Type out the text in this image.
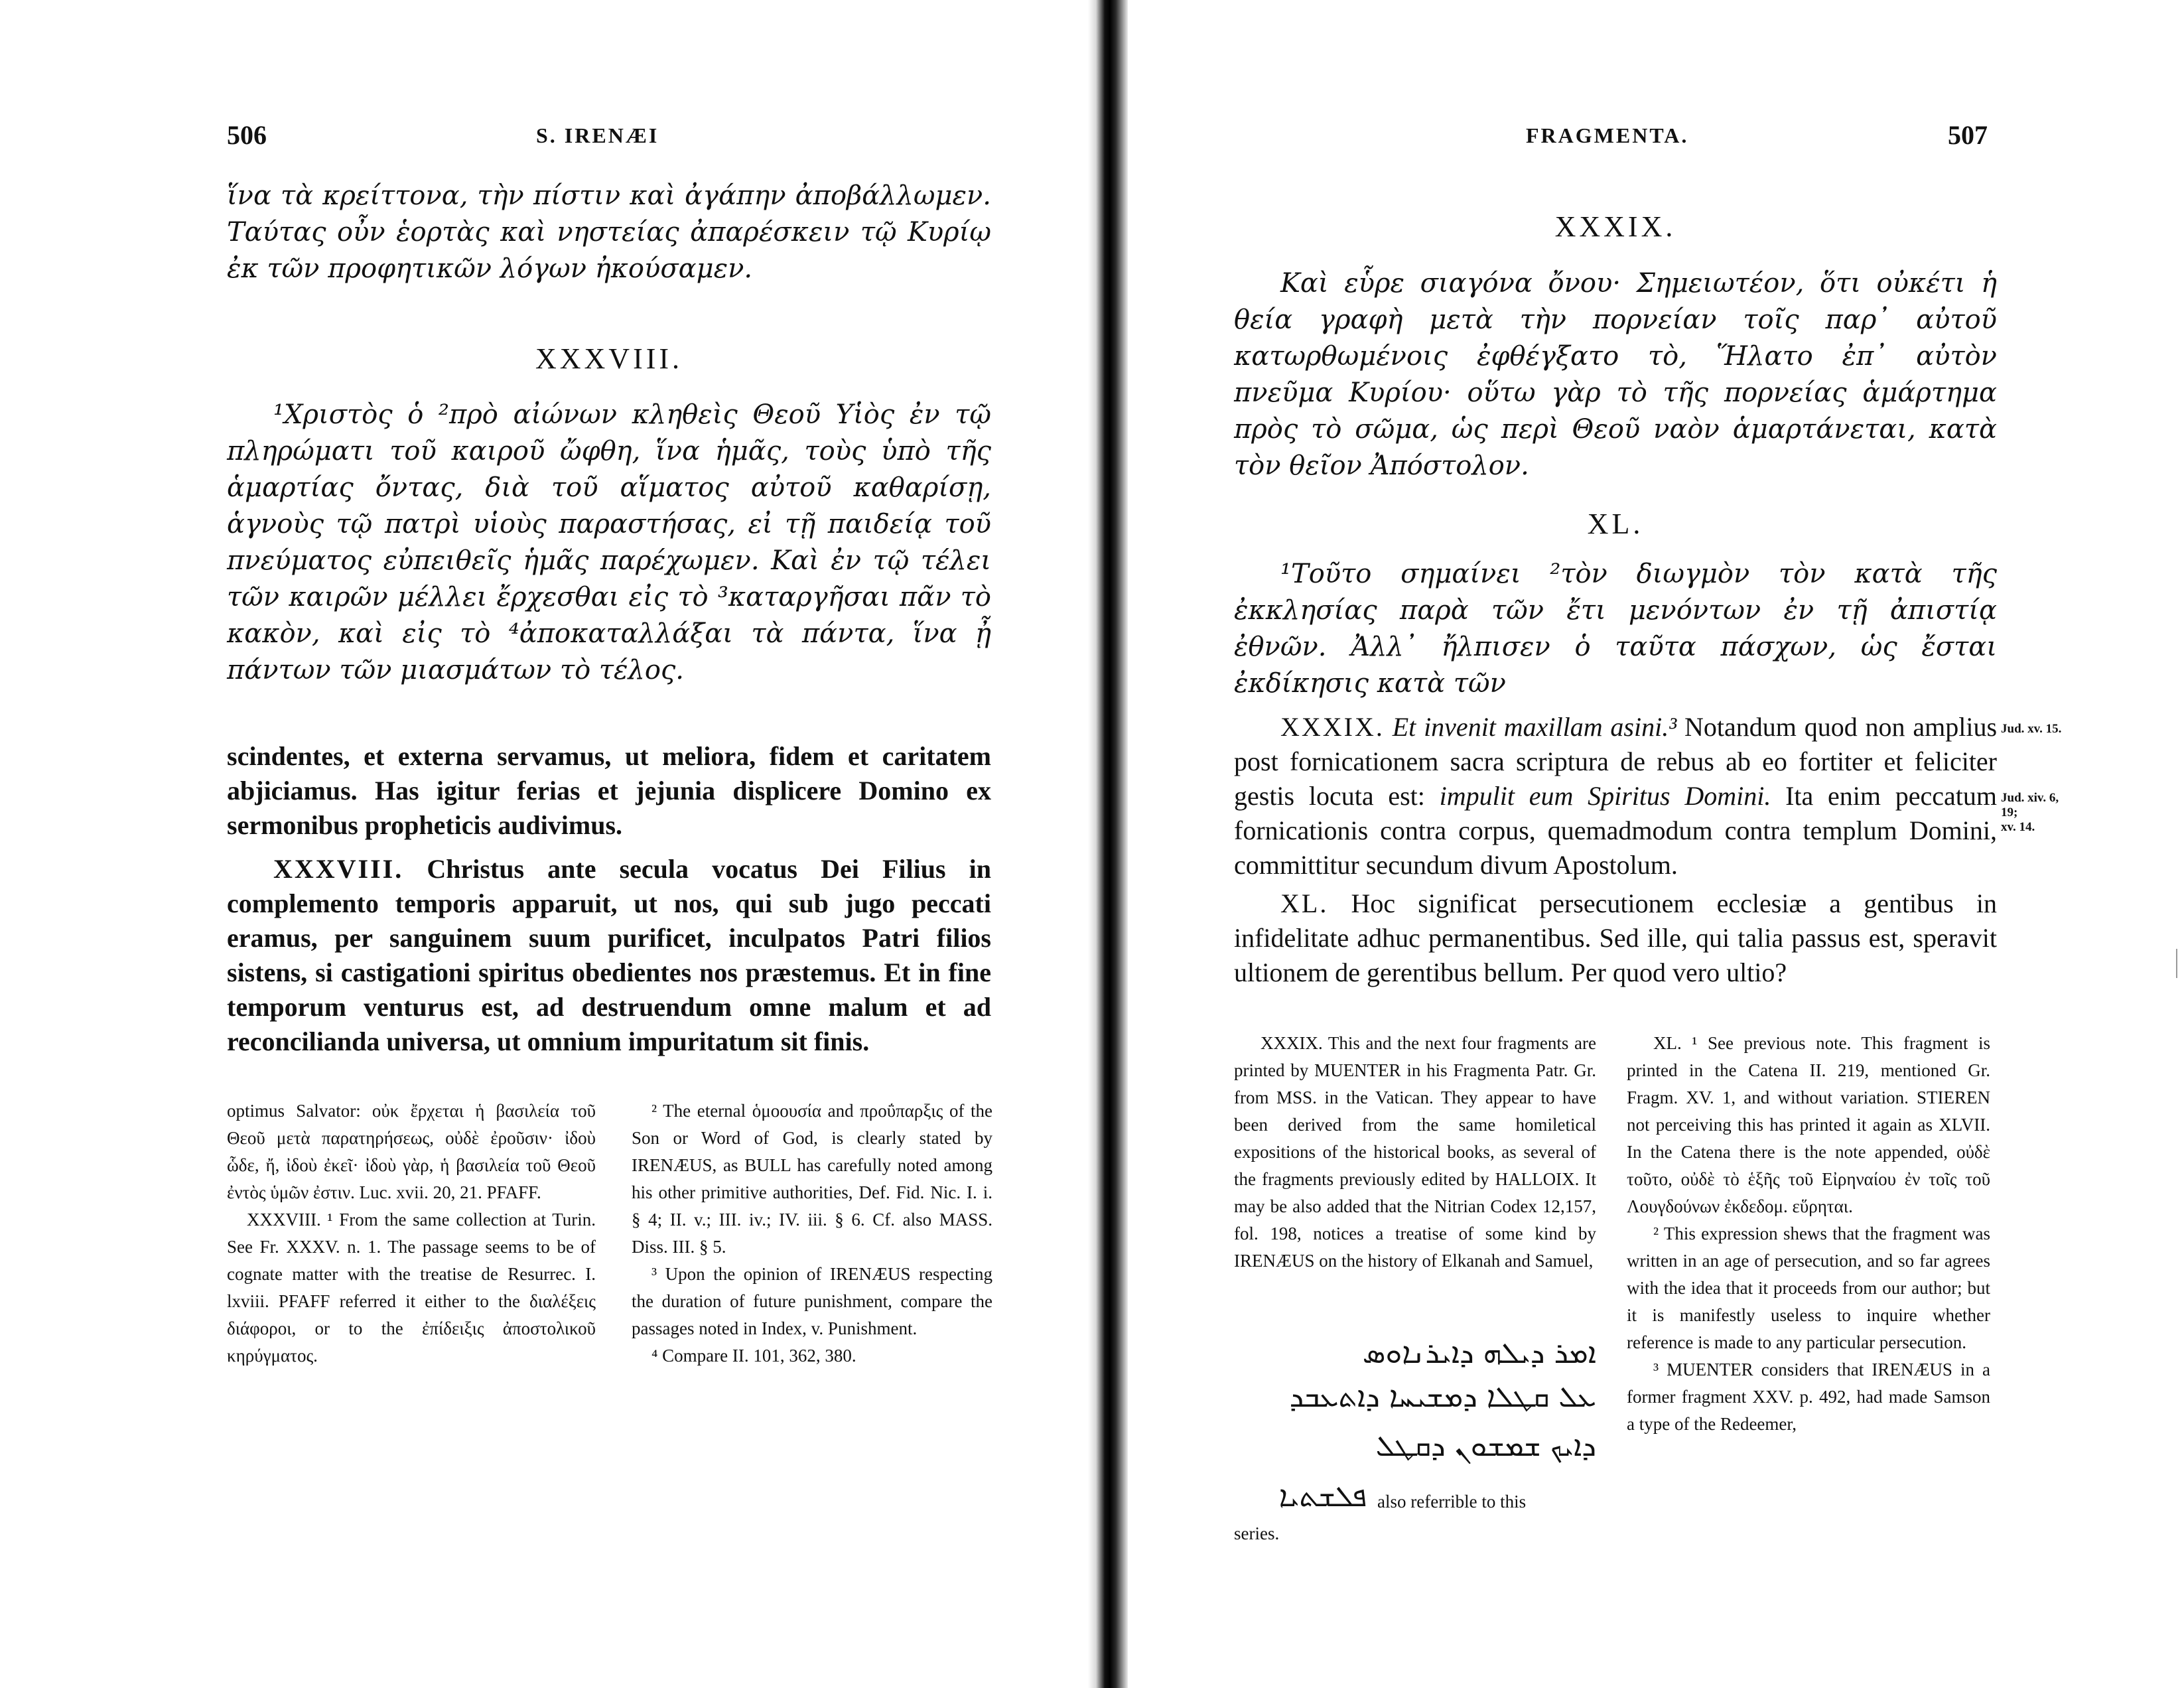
506	S. IRENÆI

ἵνα τὰ κρείττονα, τὴν πίστιν καὶ ἀγάπην ἀποβάλλωμεν. Ταύτας οὖν ἑορτὰς καὶ νηστείας ἀπαρέσκειν τῷ Κυρίῳ ἐκ τῶν προφητικῶν λόγων ἠκούσαμεν.

XXXVIII.

¹Χριστὸς ὁ ²πρὸ αἰώνων κληθεὶς Θεοῦ Υἱὸς ἐν τῷ πληρώματι τοῦ καιροῦ ὤφθη, ἵνα ἡμᾶς, τοὺς ὑπὸ τῆς ἁμαρτίας ὄντας, διὰ τοῦ αἵματος αὐτοῦ καθαρίσῃ, ἁγνοὺς τῷ πατρὶ υἱοὺς παραστήσας, εἰ τῇ παιδείᾳ τοῦ πνεύματος εὐπειθεῖς ἡμᾶς παρέχωμεν. Καὶ ἐν τῷ τέλει τῶν καιρῶν μέλλει ἔρχεσθαι εἰς τὸ ³καταργῆσαι πᾶν τὸ κακὸν, καὶ εἰς τὸ ⁴ἀποκαταλλάξαι τὰ πάντα, ἵνα ᾖ πάντων τῶν μιασμάτων τὸ τέλος.

scindentes, et externa servamus, ut meliora, fidem et caritatem abjiciamus. Has igitur ferias et jejunia displicere Domino ex sermonibus propheticis audivimus.

XXXVIII. Christus ante secula vocatus Dei Filius in complemento temporis apparuit, ut nos, qui sub jugo peccati eramus, per sanguinem suum purificet, inculpatos Patri filios sistens, si castigationi spiritus obedientes nos præstemus. Et in fine temporum venturus est, ad destruendum omne malum et ad reconciliandа universa, ut omnium impuritatum sit finis.

optimus Salvator: οὐκ ἔρχεται ἡ βασιλεία τοῦ Θεοῦ μετὰ παρατηρήσεως, οὐδὲ ἐροῦσιν· ἰδοὺ ὧδε, ἤ, ἰδοὺ ἐκεῖ· ἰδοὺ γὰρ, ἡ βασιλεία τοῦ Θεοῦ ἐντὸς ὑμῶν ἐστιν. Luc. xvii. 20, 21. PFAFF.

XXXVIII. ¹ From the same collection at Turin. See Fr. XXXV. n. 1. The passage seems to be of cognate matter with the treatise de Resurrec. I. lxviii. PFAFF referred it either to the διαλέξεις διάφοροι, or to the ἐπίδειξις ἀποστολικοῦ κηρύγματος.

² The eternal ὁμοουσία and προΰπαρξις of the Son or Word of God, is clearly stated by IRENÆUS, as BULL has carefully noted among his other primitive authorities, Def. Fid. Nic. I. i. § 4; II. v.; III. iv.; IV. iii. § 6. Cf. also MASS. Diss. III. § 5.

³ Upon the opinion of IRENÆUS respecting the duration of future punishment, compare the passages noted in Index, v. Punishment.

⁴ Compare II. 101, 362, 380.

FRAGMENTA.	507
XXXIX.

Καὶ εὗρε σιαγόνα ὄνου· Σημειωτέον, ὅτι οὐκέτι ἡ θεία γραφὴ μετὰ τὴν πορνείαν τοῖς παρ᾽ αὐτοῦ κατωρθωμένοις ἐφθέγξατο τὸ, Ἥλατο ἐπ᾽ αὐτὸν πνεῦμα Κυρίου· οὕτω γὰρ τὸ τῆς πορνείας ἁμάρτημα πρὸς τὸ σῶμα, ὡς περὶ Θεοῦ ναὸν ἁμαρτάνεται, κατὰ τὸν θεῖον Ἀπόστολον.

XL.

¹Τοῦτο σημαίνει ²τὸν διωγμὸν τὸν κατὰ τῆς ἐκκλησίας παρὰ τῶν ἔτι μενόντων ἐν τῇ ἀπιστίᾳ ἐθνῶν. Ἀλλ᾽ ἤλπισεν ὁ ταῦτα πάσχων, ὡς ἔσται ἐκδίκησις κατὰ τῶν

XXXIX. Et invenit maxillam asini.³ Notandum quod non amplius post fornicationem sacra scriptura de rebus ab eo fortiter et feliciter gestis locuta est: impulit eum Spiritus Domini. Ita enim peccatum fornicationis contra corpus, quemadmodum contra templum Domini, committitur secundum divum Apostolum.

XL. Hoc significat persecutionem ecclesiæ a gentibus in infidelitate adhuc permanentibus. Sed ille, qui talia passus est, speravit ultionem de gerentibus bellum. Per quod vero ultio?

Jud. xv. 15.
Jud. xiv. 6,
19;
xv. 14.

XXXIX. This and the next four fragments are printed by MUENTER in his Fragmenta Patr. Gr. from MSS. in the Vatican. They appear to have been derived from the same homiletical expositions of the historical books, as several of the fragments previously edited by HALLOIX. It may be also added that the Nitrian Codex 12,157, fol. 198, notices a treatise of some kind by IRENÆUS on the history of Elkanah and Samuel,

ܐܡܪ ܕܝܠܗ ܕܐܝܪܢܐܘܣ
ܥܠ ܩܛܠܐ ܕܡܫܝܚܐ ܕܐܬܥܒܕ
ܕܐܝܟ ܫܡܫܘܢ ܕܩܛܠ
ܦܠܫܬܝܐ also referrible to this
series.

XL. ¹ See previous note. This fragment is printed in the Catena II. 219, mentioned Gr. Fragm. XV. 1, and without variation. STIEREN not perceiving this has printed it again as XLVII. In the Catena there is the note appended, οὐδὲ τοῦτο, οὐδὲ τὸ ἑξῆς τοῦ Εἰρηναίου ἐν τοῖς τοῦ Λουγδούνων ἐκδεδομ. εὕρηται.

² This expression shews that the fragment was written in an age of persecution, and so far agrees with the idea that it proceeds from our author; but it is manifestly useless to inquire whether reference is made to any particular persecution.

³ MUENTER considers that IRENÆUS in a former fragment XXV. p. 492, had made Samson a type of the Redeemer,
